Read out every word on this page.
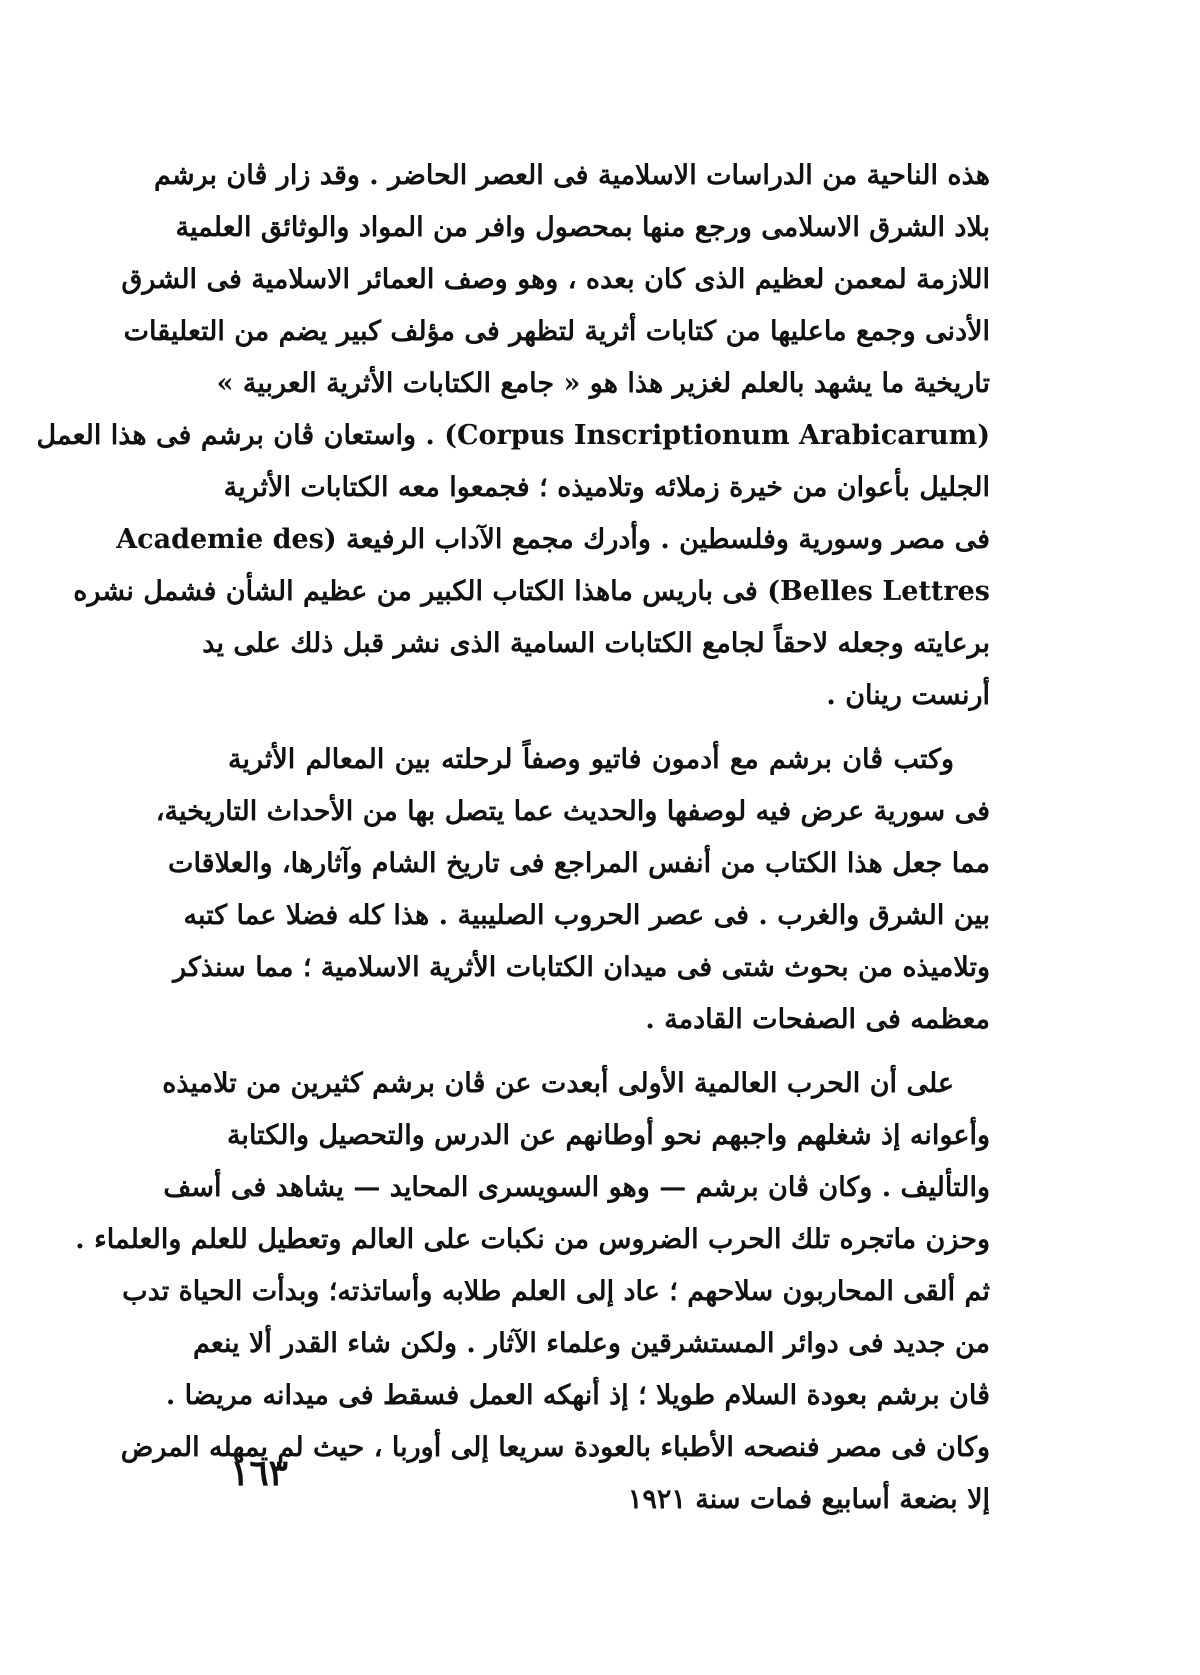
هذه الناحية من الدراسات الاسلامية فى العصر الحاضر . وقد زار ڤان برشم
بلاد الشرق الاسلامى ورجع منها بمحصول وافر من المواد والوثائق العلمية
اللازمة لمعمن لعظيم الذى كان بعده ، وهو وصف العمائر الاسلامية فى الشرق
الأدنى وجمع ماعليها من كتابات أثرية لتظهر فى مؤلف كبير يضم من التعليقات
تاريخية ما يشهد بالعلم لغزير هذا هو « جامع الكتابات الأثرية العربية »
(Corpus Inscriptionum Arabicarum) . واستعان ڤان برشم فى هذا العمل
الجليل بأعوان من خيرة زملائه وتلاميذه ؛ فجمعوا معه الكتابات الأثرية
فى مصر وسورية وفلسطين . وأدرك مجمع الآداب الرفيعة (Academie des
Belles Lettres) فى باريس ماهذا الكتاب الكبير من عظيم الشأن فشمل نشره
برعايته وجعله لاحقاً لجامع الكتابات السامية الذى نشر قبل ذلك على يد
أرنست رينان .
وكتب ڤان برشم مع أدمون فاتيو وصفاً لرحلته بين المعالم الأثرية
فى سورية عرض فيه لوصفها والحديث عما يتصل بها من الأحداث التاريخية،
مما جعل هذا الكتاب من أنفس المراجع فى تاريخ الشام وآثارها، والعلاقات
بين الشرق والغرب . فى عصر الحروب الصليبية . هذا كله فضلا عما كتبه
وتلاميذه من بحوث شتى فى ميدان الكتابات الأثرية الاسلامية ؛ مما سنذكر
معظمه فى الصفحات القادمة .
على أن الحرب العالمية الأولى أبعدت عن ڤان برشم كثيرين من تلاميذه
وأعوانه إذ شغلهم واجبهم نحو أوطانهم عن الدرس والتحصيل والكتابة
والتأليف . وكان ڤان برشم — وهو السويسرى المحايد — يشاهد فى أسف
وحزن ماتجره تلك الحرب الضروس من نكبات على العالم وتعطيل للعلم والعلماء .
ثم ألقى المحاربون سلاحهم ؛ عاد إلى العلم طلابه وأساتذته؛ وبدأت الحياة تدب
من جديد فى دوائر المستشرقين وعلماء الآثار . ولكن شاء القدر ألا ينعم
ڤان برشم بعودة السلام طويلا ؛ إذ أنهكه العمل فسقط فى ميدانه مريضا .
وكان فى مصر فنصحه الأطباء بالعودة سريعا إلى أوربا ، حيث لم يمهله المرض
إلا بضعة أسابيع فمات سنة ١٩٢١
١٦٣
